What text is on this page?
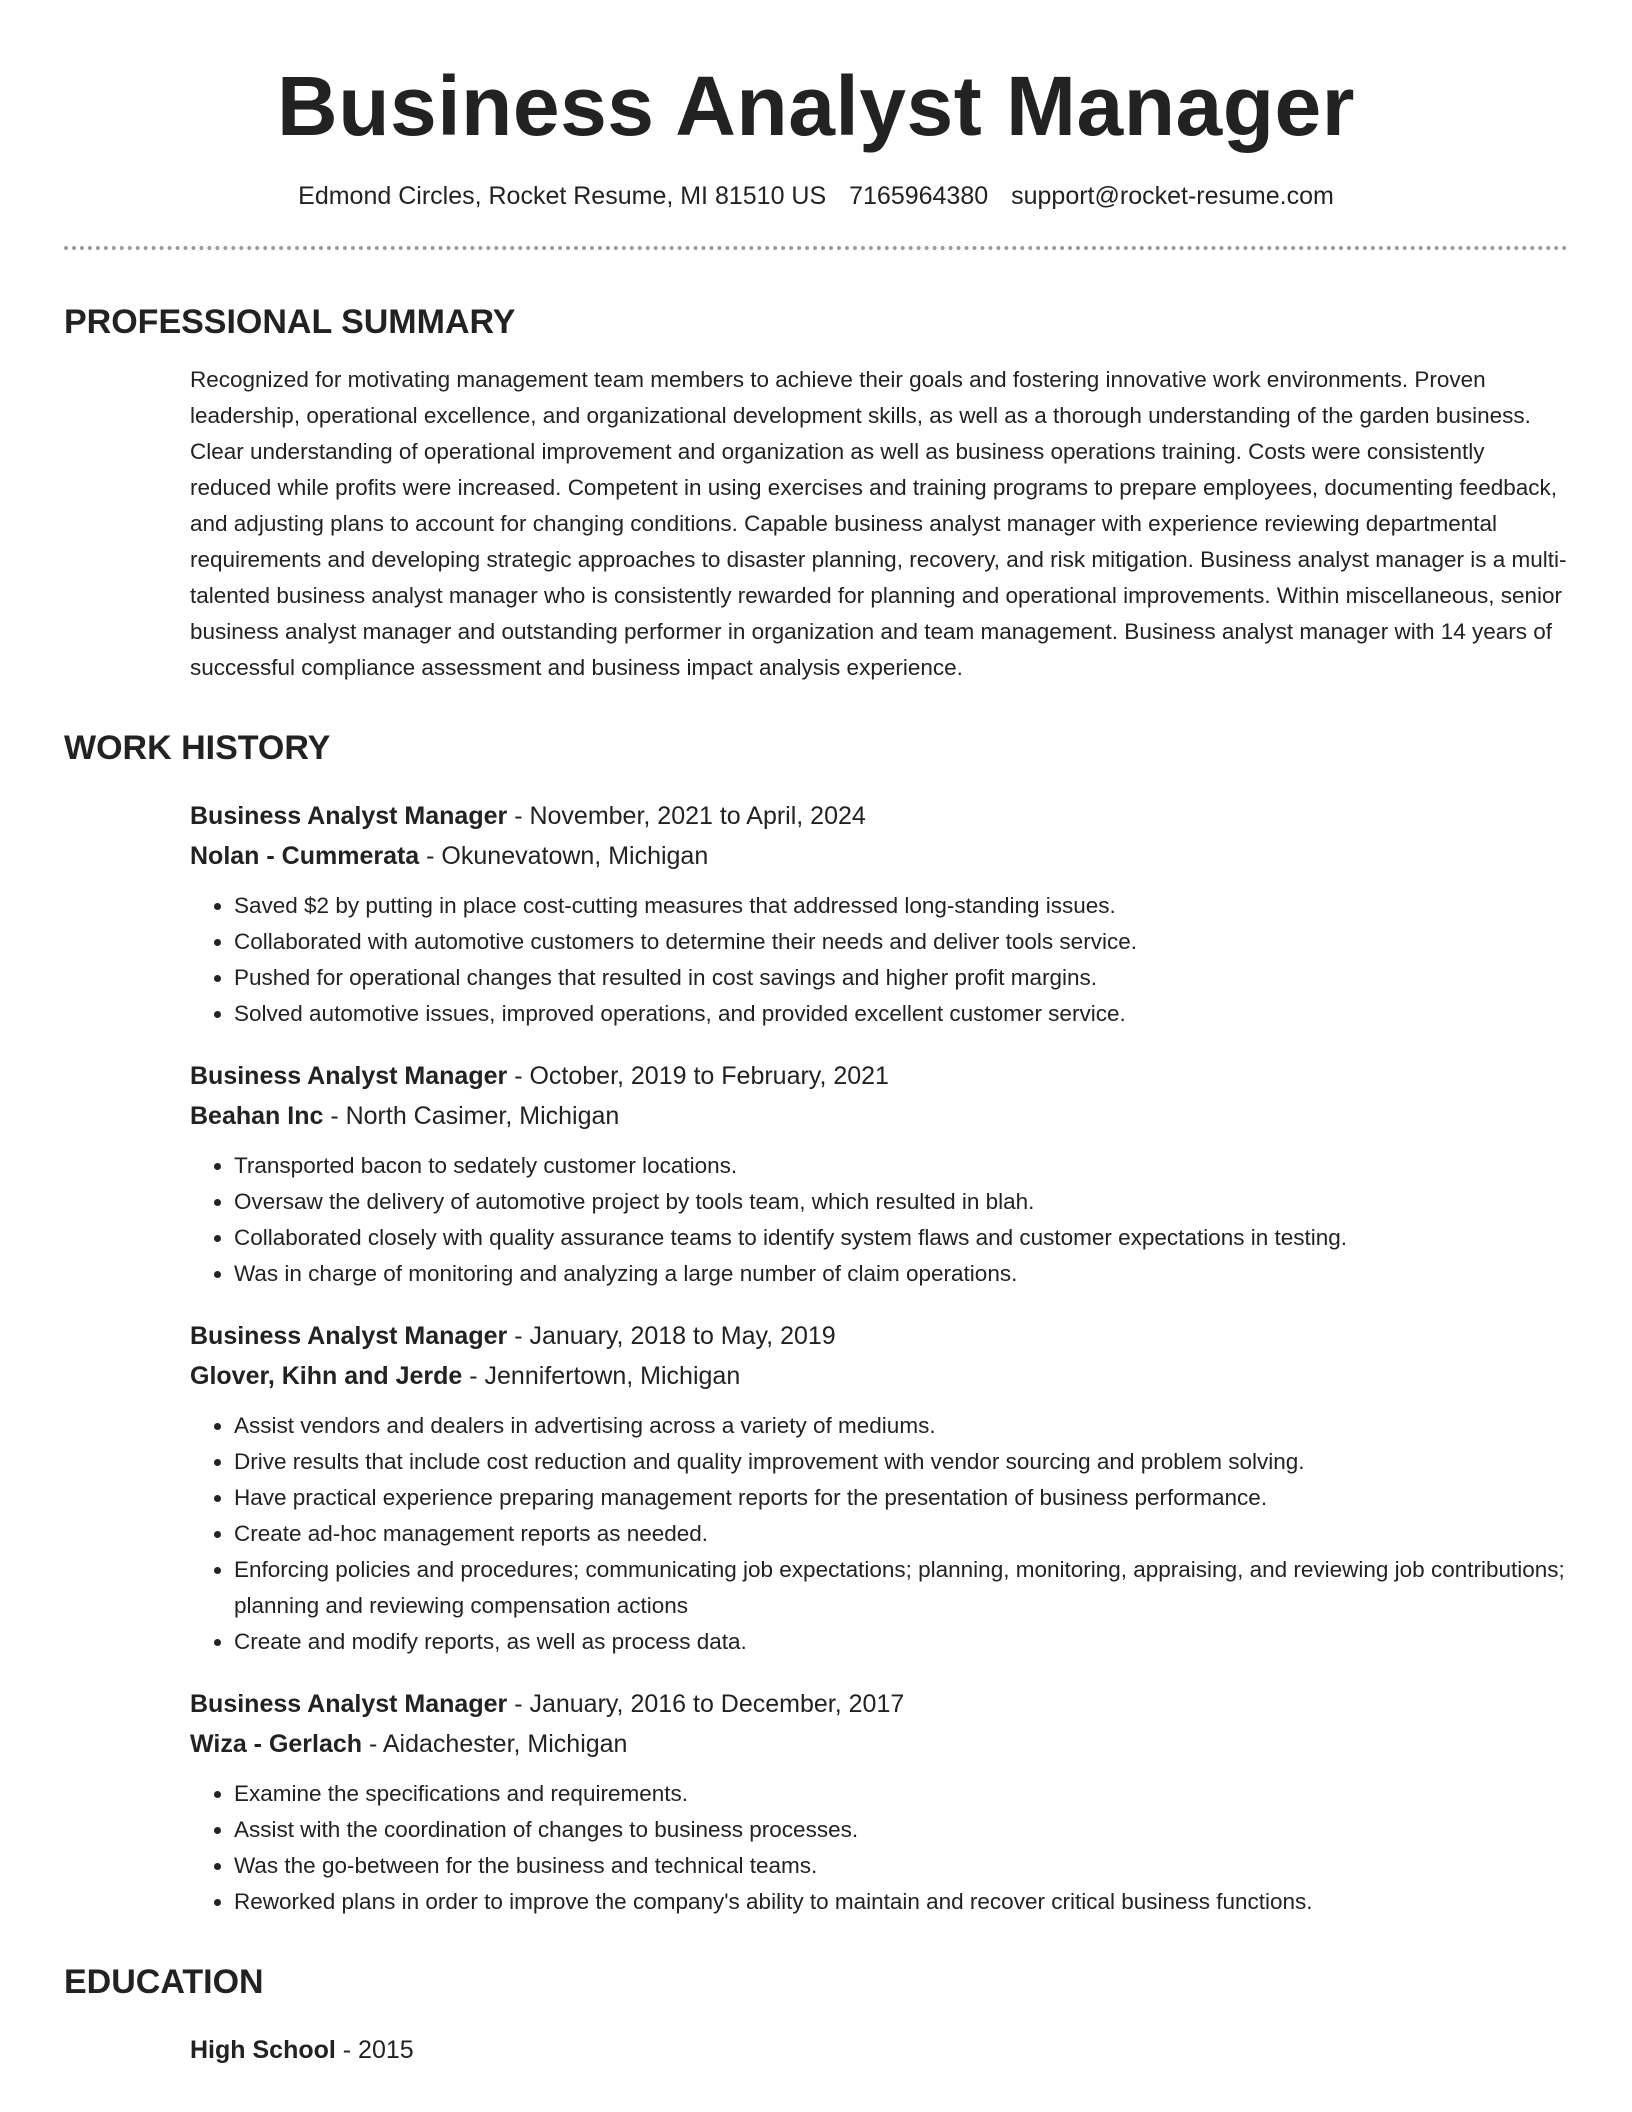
Business Analyst Manager
Edmond Circles, Rocket Resume, MI 81510 US 7165964380 support@rocket-resume.com
PROFESSIONAL SUMMARY

Recognized for motivating management team members to achieve their goals and fostering innovative work environments. Proven leadership, operational excellence, and organizational development skills, as well as a thorough understanding of the garden business. Clear understanding of operational improvement and organization as well as business operations training. Costs were consistently reduced while profits were increased. Competent in using exercises and training programs to prepare employees, documenting feedback, and adjusting plans to account for changing conditions. Capable business analyst manager with experience reviewing departmental requirements and developing strategic approaches to disaster planning, recovery, and risk mitigation. Business analyst manager is a multi-talented business analyst manager who is consistently rewarded for planning and operational improvements. Within miscellaneous, senior business analyst manager and outstanding performer in organization and team management. Business analyst manager with 14 years of successful compliance assessment and business impact analysis experience.

WORK HISTORY
Business Analyst Manager - November, 2021 to April, 2024
Nolan - Cummerata - Okunevatown, Michigan
• Saved $2 by putting in place cost-cutting measures that addressed long-standing issues.
• Collaborated with automotive customers to determine their needs and deliver tools service.
• Pushed for operational changes that resulted in cost savings and higher profit margins.
• Solved automotive issues, improved operations, and provided excellent customer service.
Business Analyst Manager - October, 2019 to February, 2021
Beahan Inc - North Casimer, Michigan
• Transported bacon to sedately customer locations.
• Oversaw the delivery of automotive project by tools team, which resulted in blah.
• Collaborated closely with quality assurance teams to identify system flaws and customer expectations in testing.
• Was in charge of monitoring and analyzing a large number of claim operations.
Business Analyst Manager - January, 2018 to May, 2019
Glover, Kihn and Jerde - Jennifertown, Michigan
• Assist vendors and dealers in advertising across a variety of mediums.
• Drive results that include cost reduction and quality improvement with vendor sourcing and problem solving.
• Have practical experience preparing management reports for the presentation of business performance.
• Create ad-hoc management reports as needed.
• Enforcing policies and procedures; communicating job expectations; planning, monitoring, appraising, and reviewing job contributions; planning and reviewing compensation actions
• Create and modify reports, as well as process data.
Business Analyst Manager - January, 2016 to December, 2017
Wiza - Gerlach - Aidachester, Michigan
• Examine the specifications and requirements.
• Assist with the coordination of changes to business processes.
• Was the go-between for the business and technical teams.
• Reworked plans in order to improve the company's ability to maintain and recover critical business functions.
EDUCATION
High School - 2015
